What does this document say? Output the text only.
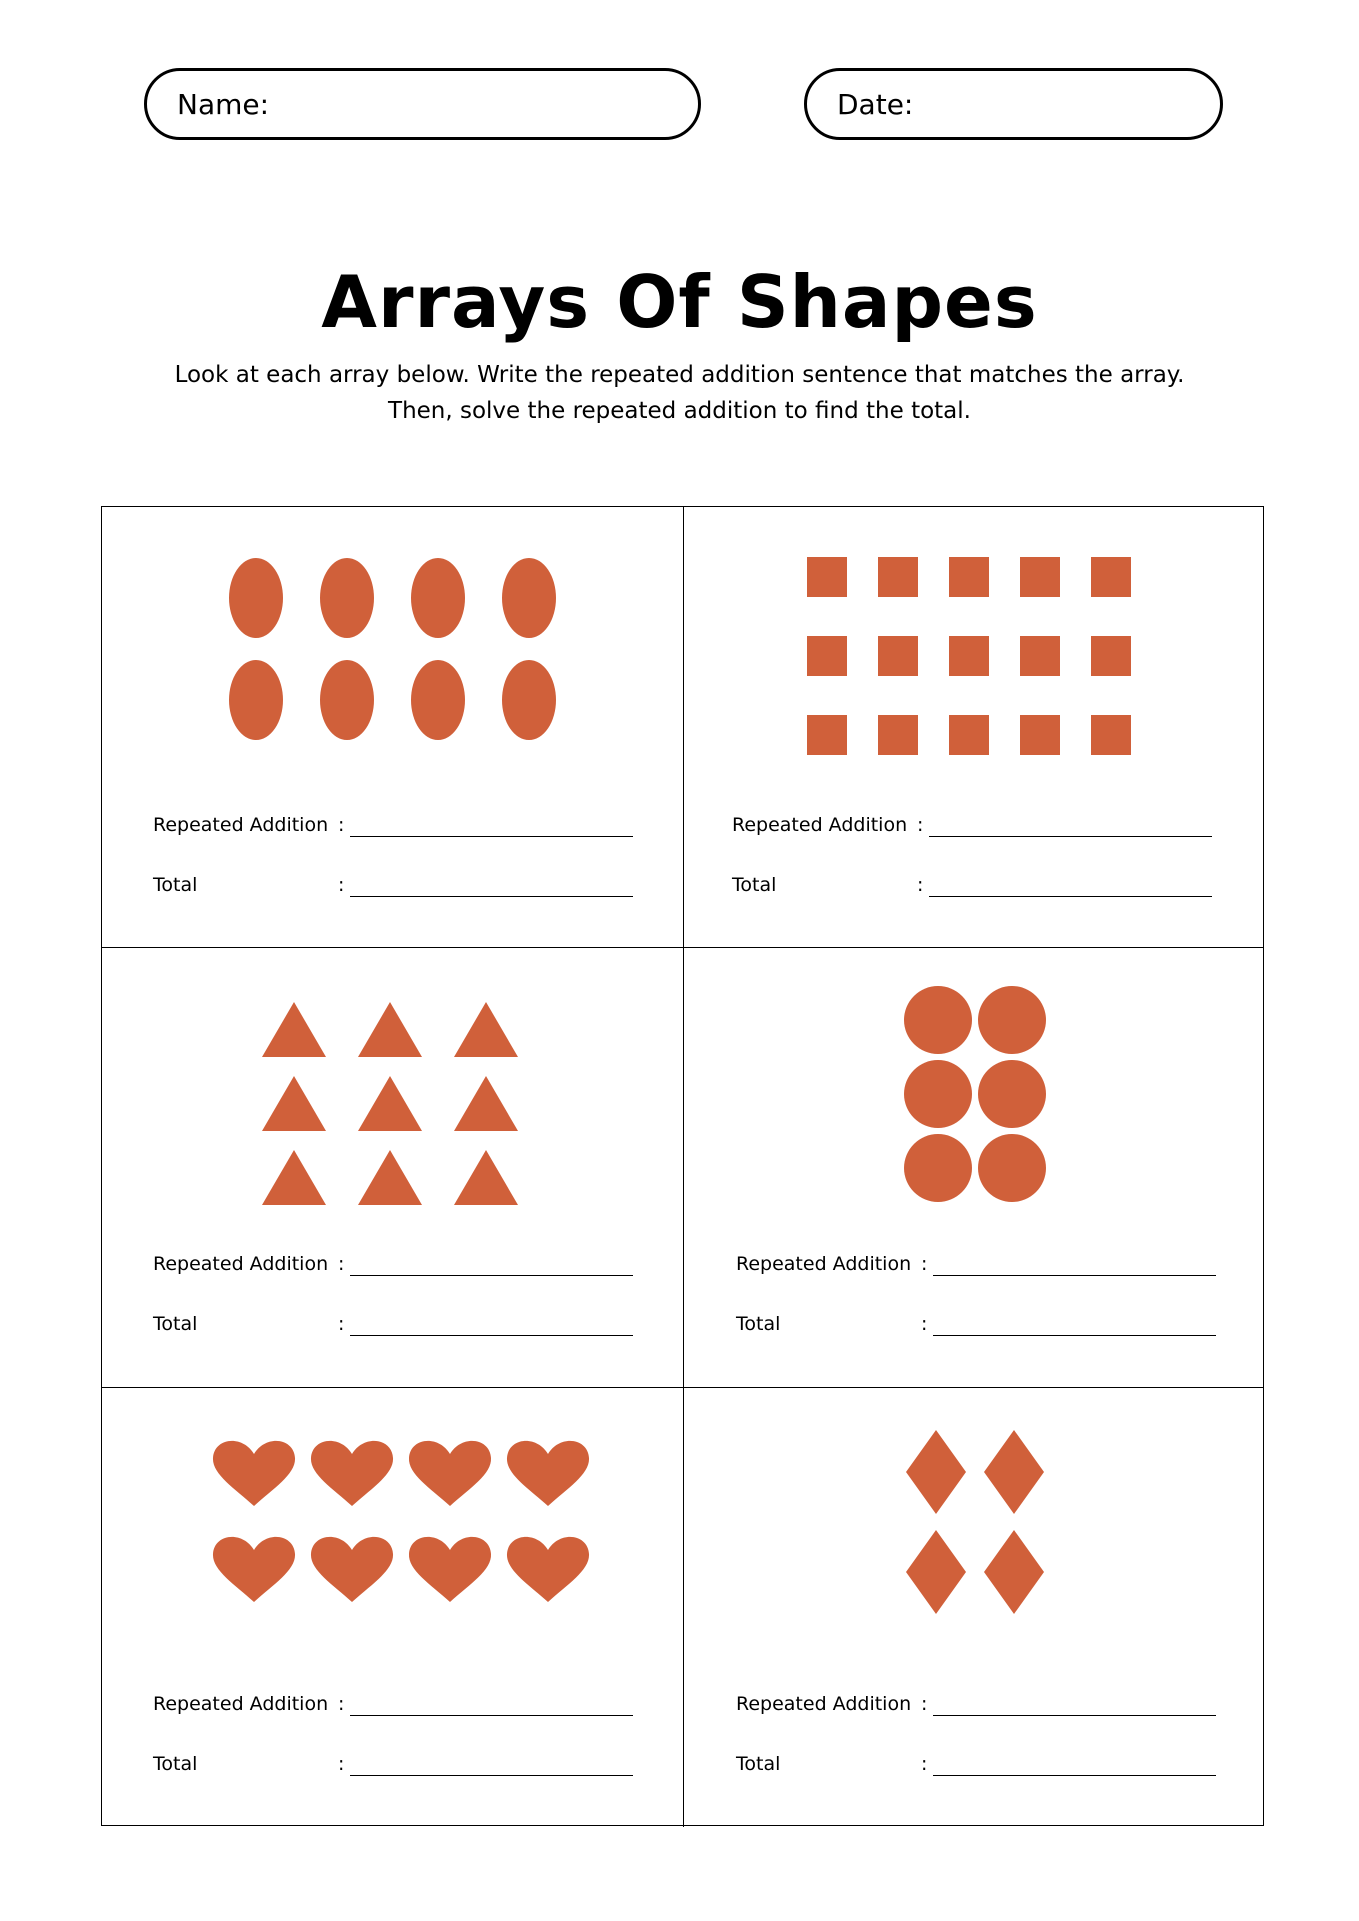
Name:	Date:
Arrays Of Shapes
Look at each array below. Write the repeated addition sentence that matches the array.
Then, solve the repeated addition to find the total.
Repeated Addition :
Total	:
Repeated Addition :
Total	:
Repeated Addition :
Total	:
Repeated Addition :
Total	:
Repeated Addition :
Total	:
Repeated Addition :
Total	:
